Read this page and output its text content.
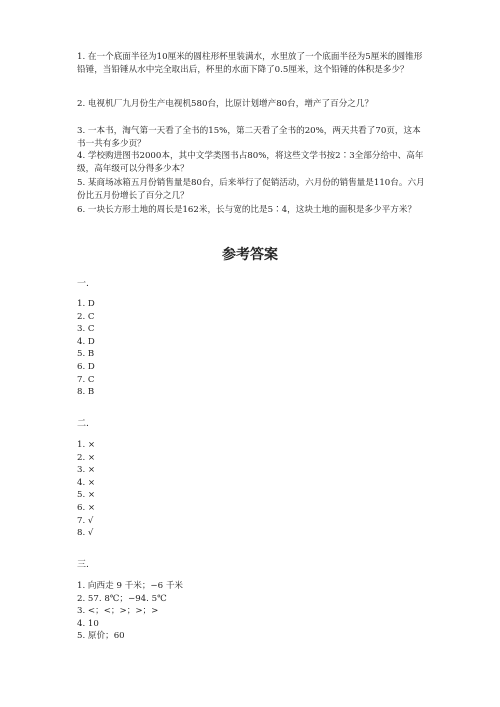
1. 在一个底面半径为10厘米的圆柱形杯里装满水，水里放了一个底面半径为5厘米的圆锥形铅锤，当铅锤从水中完全取出后，杯里的水面下降了0.5厘米，这个铅锤的体积是多少？

2. 电视机厂九月份生产电视机580台，比原计划增产80台，增产了百分之几？

3. 一本书，淘气第一天看了全书的15%，第二天看了全书的20%，两天共看了70页，这本书一共有多少页？

4. 学校购进图书2000本，其中文学类图书占80%，将这些文学书按2∶3全部分给中、高年级，高年级可以分得多少本？

5. 某商场冰箱五月份销售量是80台，后来举行了促销活动，六月份的销售量是110台。六月份比五月份增长了百分之几？

6. 一块长方形土地的周长是162米，长与宽的比是5∶4，这块土地的面积是多少平方米？

参考答案
一.
1. D
2. C
3. C
4. D
5. B
6. D
7. C
8. B
二.
1. ×
2. ×
3. ×
4. ×
5. ×
6. ×
7. √
8. √
三.
1. 向西走 9 千米；−6 千米
2. 57. 8℃；−94. 5℃
3. <；<；>；>；>
4. 10
5. 原价；60
